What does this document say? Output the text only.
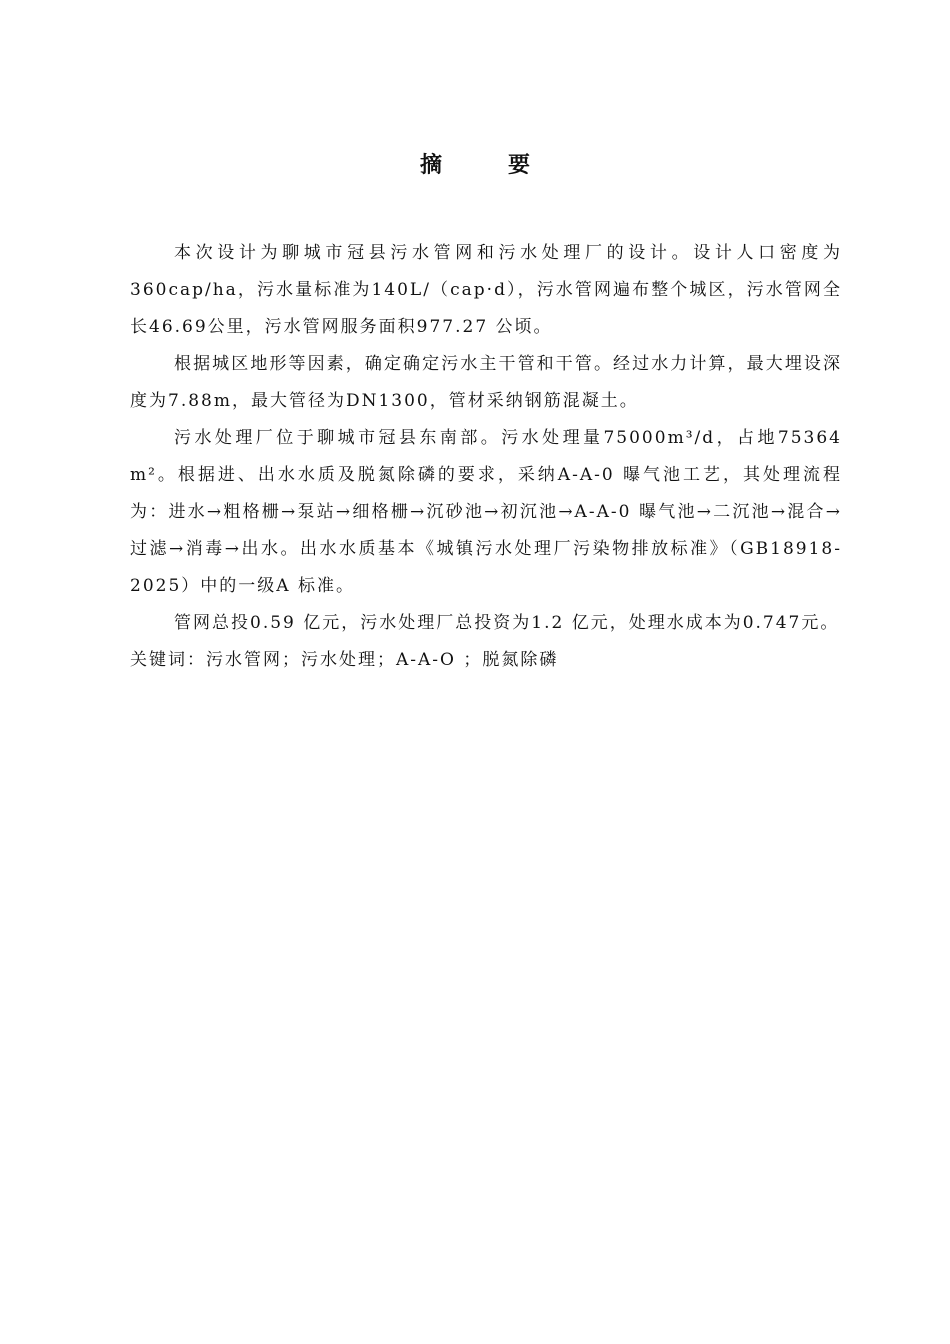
摘　要

本次设计为聊城市冠县污水管网和污水处理厂的设计。设计人口密度为360cap/ha，污水量标准为140L/（cap·d），污水管网遍布整个城区，污水管网全长46.69公里，污水管网服务面积977.27 公顷。

根据城区地形等因素，确定确定污水主干管和干管。经过水力计算，最大埋设深度为7.88m，最大管径为DN1300，管材采纳钢筋混凝土。

污水处理厂位于聊城市冠县东南部。污水处理量75000m³/d，占地75364 m²。根据进、出水水质及脱氮除磷的要求，采纳A-A-0 曝气池工艺，其处理流程为：进水→粗格栅→泵站→细格栅→沉砂池→初沉池→A-A-0 曝气池→二沉池→混合→过滤→消毒→出水。出水水质基本《城镇污水处理厂污染物排放标准》（GB18918-2025）中的一级A 标准。

管网总投0.59 亿元，污水处理厂总投资为1.2 亿元，处理水成本为0.747元。

关键词：污水管网；污水处理；A-A-O ；脱氮除磷
